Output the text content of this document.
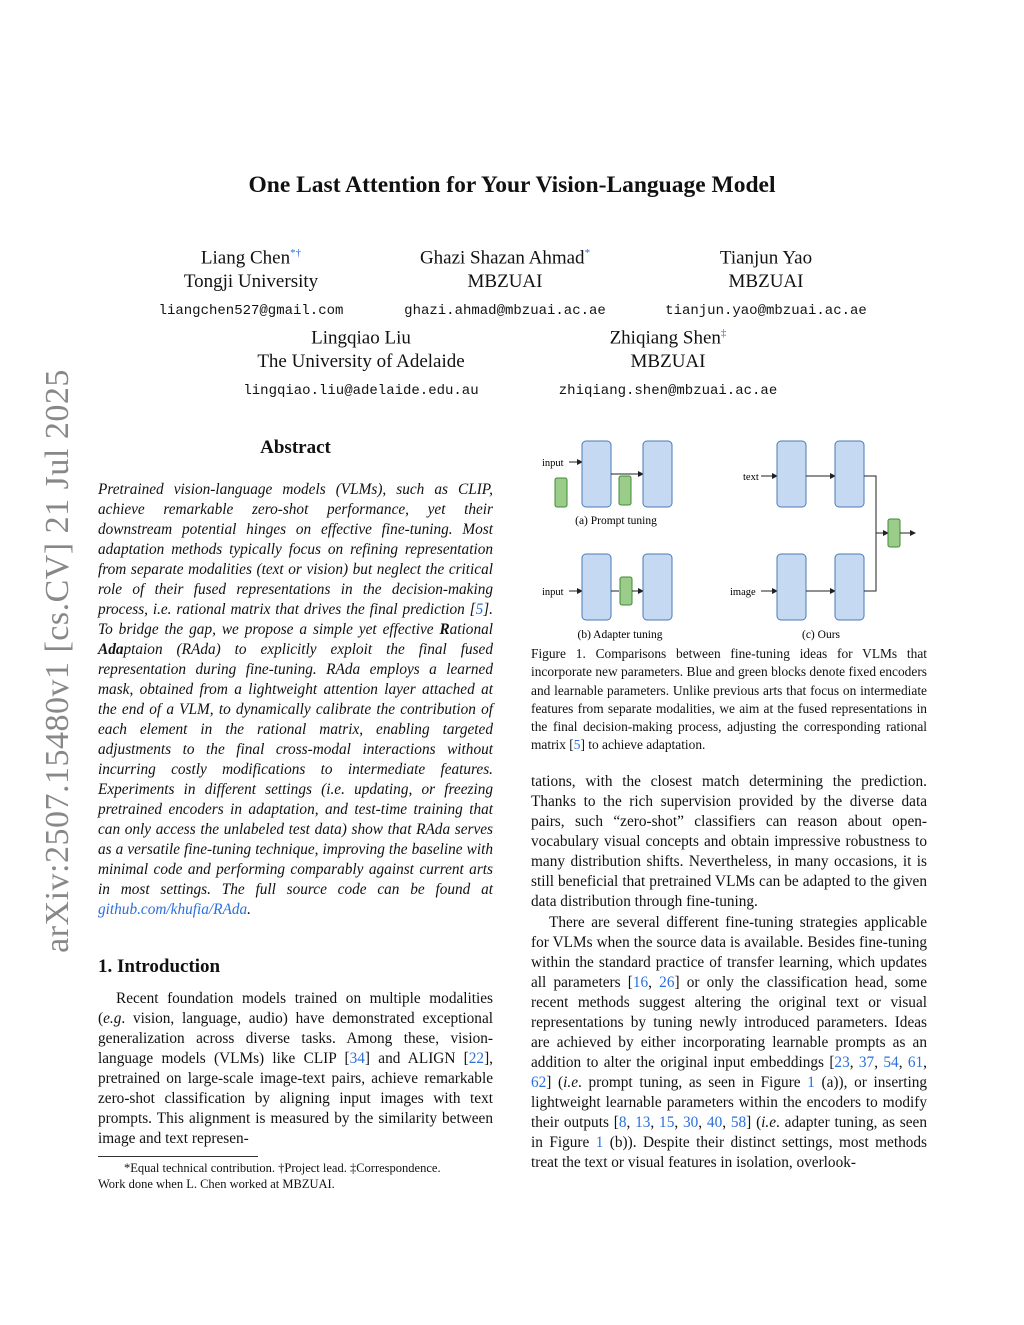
arXiv:2507.15480v1 [cs.CV] 21 Jul 2025
One Last Attention for Your Vision-Language Model
Liang Chen*†
Tongji University
liangchen527@gmail.com
Ghazi Shazan Ahmad*
MBZUAI
ghazi.ahmad@mbzuai.ac.ae
Tianjun Yao
MBZUAI
tianjun.yao@mbzuai.ac.ae
Lingqiao Liu
The University of Adelaide
lingqiao.liu@adelaide.edu.au
Zhiqiang Shen‡
MBZUAI
zhiqiang.shen@mbzuai.ac.ae
Abstract
Pretrained vision-language models (VLMs), such as CLIP, achieve remarkable zero-shot performance, yet their downstream potential hinges on effective fine-tuning. Most adaptation methods typically focus on refining representation from separate modalities (text or vision) but neglect the critical role of their fused representations in the decision-making process, i.e. rational matrix that drives the final prediction [5]. To bridge the gap, we propose a simple yet effective Rational Adaptaion (RAda) to explicitly exploit the final fused representation during fine-tuning. RAda employs a learned mask, obtained from a lightweight attention layer attached at the end of a VLM, to dynamically calibrate the contribution of each element in the rational matrix, enabling targeted adjustments to the final cross-modal interactions without incurring costly modifications to intermediate features. Experiments in different settings (i.e. updating, or freezing pretrained encoders in adaptation, and test-time training that can only access the unlabeled test data) show that RAda serves as a versatile fine-tuning technique, improving the baseline with minimal code and performing comparably against current arts in most settings. The full source code can be found at github.com/khufia/RAda.
1. Introduction

Recent foundation models trained on multiple modalities (e.g. vision, language, audio) have demonstrated exceptional generalization across diverse tasks. Among these, vision-language models (VLMs) like CLIP [34] and ALIGN [22], pretrained on large-scale image-text pairs, achieve remarkable zero-shot classification by aligning input images with text prompts. This alignment is measured by the similarity between image and text represen-

*Equal technical contribution. †Project lead. ‡Correspondence.
Work done when L. Chen worked at MBZUAI.
input
(a) Prompt tuning
input
(b) Adapter tuning
text
image
(c) Ours
Figure 1. Comparisons between fine-tuning ideas for VLMs that incorporate new parameters. Blue and green blocks denote fixed encoders and learnable parameters. Unlike previous arts that focus on intermediate features from separate modalities, we aim at the fused representations in the final decision-making process, adjusting the corresponding rational matrix [5] to achieve adaptation.

tations, with the closest match determining the prediction. Thanks to the rich supervision provided by the diverse data pairs, such “zero-shot” classifiers can reason about open-vocabulary visual concepts and obtain impressive robustness to many distribution shifts. Nevertheless, in many occasions, it is still beneficial that pretrained VLMs can be adapted to the given data distribution through fine-tuning.

There are several different fine-tuning strategies applicable for VLMs when the source data is available. Besides fine-tuning within the standard practice of transfer learning, which updates all parameters [16, 26] or only the classification head, some recent methods suggest altering the original text or visual representations by tuning newly introduced parameters. Ideas are achieved by either incorporating learnable prompts as an addition to alter the original input embeddings [23, 37, 54, 61, 62] (i.e. prompt tuning, as seen in Figure 1 (a)), or inserting lightweight learnable parameters within the encoders to modify their outputs [8, 13, 15, 30, 40, 58] (i.e. adapter tuning, as seen in Figure 1 (b)). Despite their distinct settings, most methods treat the text or visual features in isolation, overlook-
